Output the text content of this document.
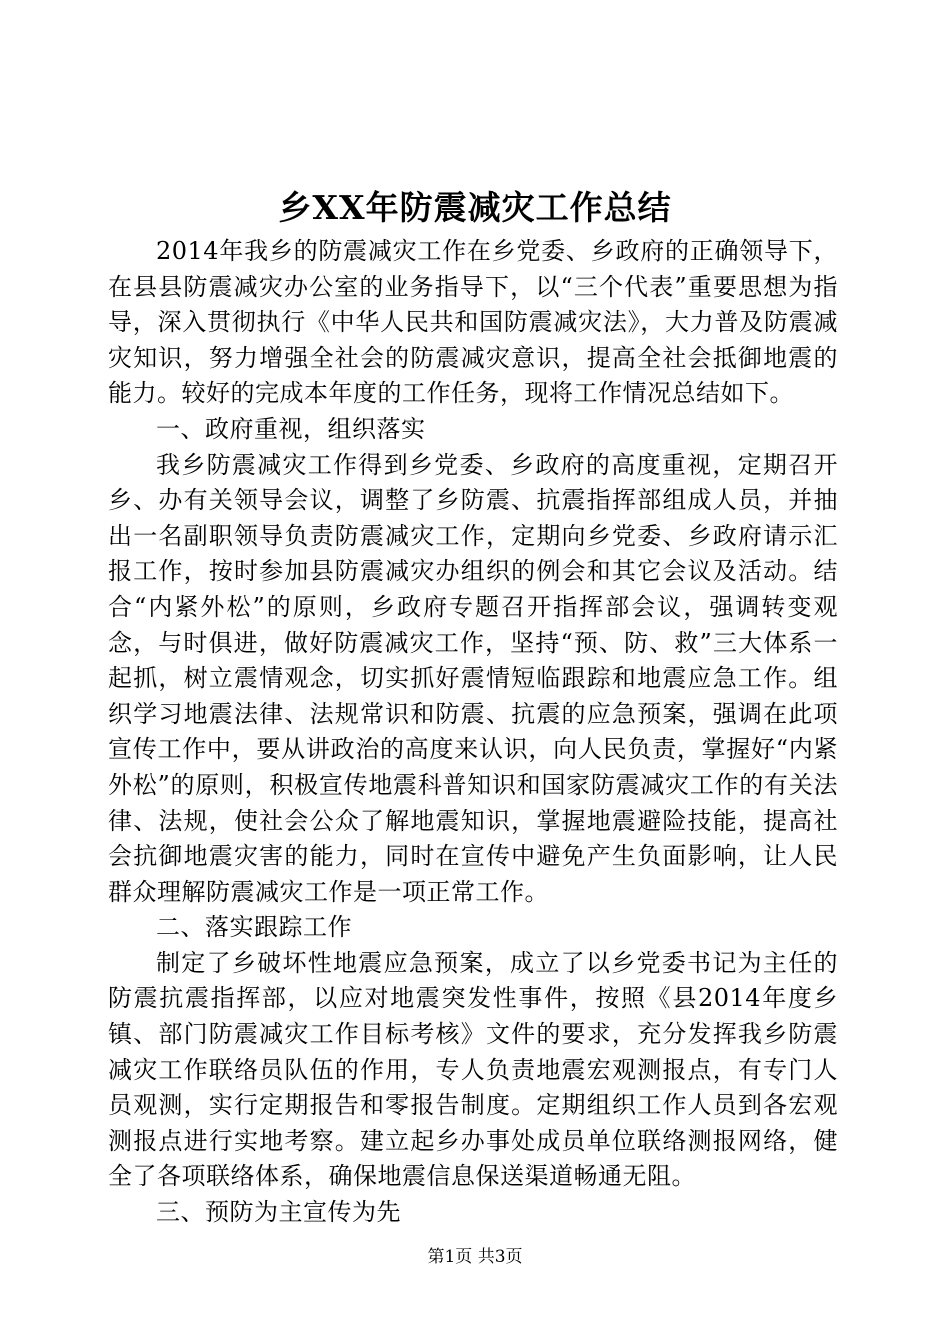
乡XX年防震减灾工作总结

2014年我乡的防震减灾工作在乡党委、乡政府的正确领导下，在县县防震减灾办公室的业务指导下，以“三个代表”重要思想为指导，深入贯彻执行《中华人民共和国防震减灾法》，大力普及防震减灾知识，努力增强全社会的防震减灾意识，提高全社会抵御地震的能力。较好的完成本年度的工作任务，现将工作情况总结如下。

一、政府重视，组织落实

我乡防震减灾工作得到乡党委、乡政府的高度重视，定期召开乡、办有关领导会议，调整了乡防震、抗震指挥部组成人员，并抽出一名副职领导负责防震减灾工作，定期向乡党委、乡政府请示汇报工作，按时参加县防震减灾办组织的例会和其它会议及活动。结合“内紧外松”的原则，乡政府专题召开指挥部会议，强调转变观念，与时俱进，做好防震减灾工作，坚持“预、防、救”三大体系一起抓，树立震情观念，切实抓好震情短临跟踪和地震应急工作。组织学习地震法律、法规常识和防震、抗震的应急预案，强调在此项宣传工作中，要从讲政治的高度来认识，向人民负责，掌握好“内紧外松”的原则，积极宣传地震科普知识和国家防震减灾工作的有关法律、法规，使社会公众了解地震知识，掌握地震避险技能，提高社会抗御地震灾害的能力，同时在宣传中避免产生负面影响，让人民群众理解防震减灾工作是一项正常工作。

二、落实跟踪工作

制定了乡破坏性地震应急预案，成立了以乡党委书记为主任的防震抗震指挥部，以应对地震突发性事件，按照《县2014年度乡镇、部门防震减灾工作目标考核》文件的要求，充分发挥我乡防震减灾工作联络员队伍的作用，专人负责地震宏观测报点，有专门人员观测，实行定期报告和零报告制度。定期组织工作人员到各宏观测报点进行实地考察。建立起乡办事处成员单位联络测报网络，健全了各项联络体系，确保地震信息保送渠道畅通无阻。

三、预防为主宣传为先

第1页 共3页
